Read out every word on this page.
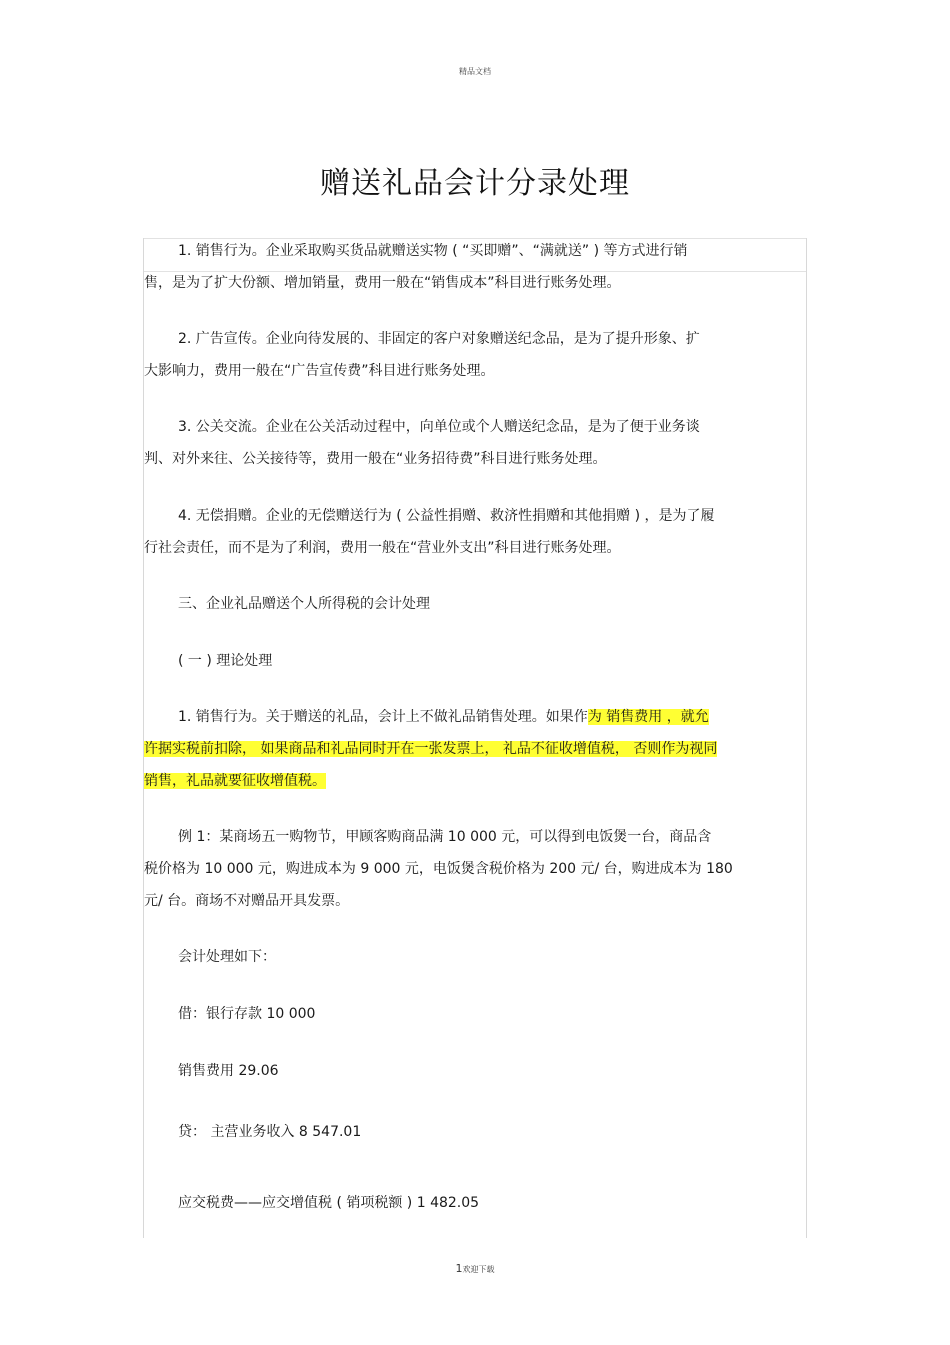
精品文档
赠送礼品会计分录处理
1. 销售行为。企业采取购买货品就赠送实物 ( “买即赠”、“满就送” ) 等方式进行销
售，是为了扩大份额、增加销量，费用一般在“销售成本”科目进行账务处理。
2. 广告宣传。企业向待发展的、非固定的客户对象赠送纪念品，是为了提升形象、扩
大影响力，费用一般在“广告宣传费”科目进行账务处理。
3. 公关交流。企业在公关活动过程中，向单位或个人赠送纪念品，是为了便于业务谈
判、对外来往、公关接待等，费用一般在“业务招待费”科目进行账务处理。
4. 无偿捐赠。企业的无偿赠送行为 ( 公益性捐赠、救济性捐赠和其他捐赠 ) ，是为了履
行社会责任，而不是为了利润，费用一般在“营业外支出”科目进行账务处理。
三、企业礼品赠送个人所得税的会计处理
( 一 ) 理论处理
1. 销售行为。关于赠送的礼品，会计上不做礼品销售处理。如果作为 销售费用 ，就允
许据实税前扣除， 如果商品和礼品同时开在一张发票上， 礼品不征收增值税， 否则作为视同
销售，礼品就要征收增值税。
例 1：某商场五一购物节，甲顾客购商品满 10 000 元，可以得到电饭煲一台，商品含
税价格为 10 000 元，购进成本为 9 000 元，电饭煲含税价格为 200 元/ 台，购进成本为 180
元/ 台。商场不对赠品开具发票。
会计处理如下：
借：银行存款 10 000
销售费用 29.06
贷： 主营业务收入 8 547.01
应交税费——应交增值税 ( 销项税额 ) 1 482.05
1欢迎下载
